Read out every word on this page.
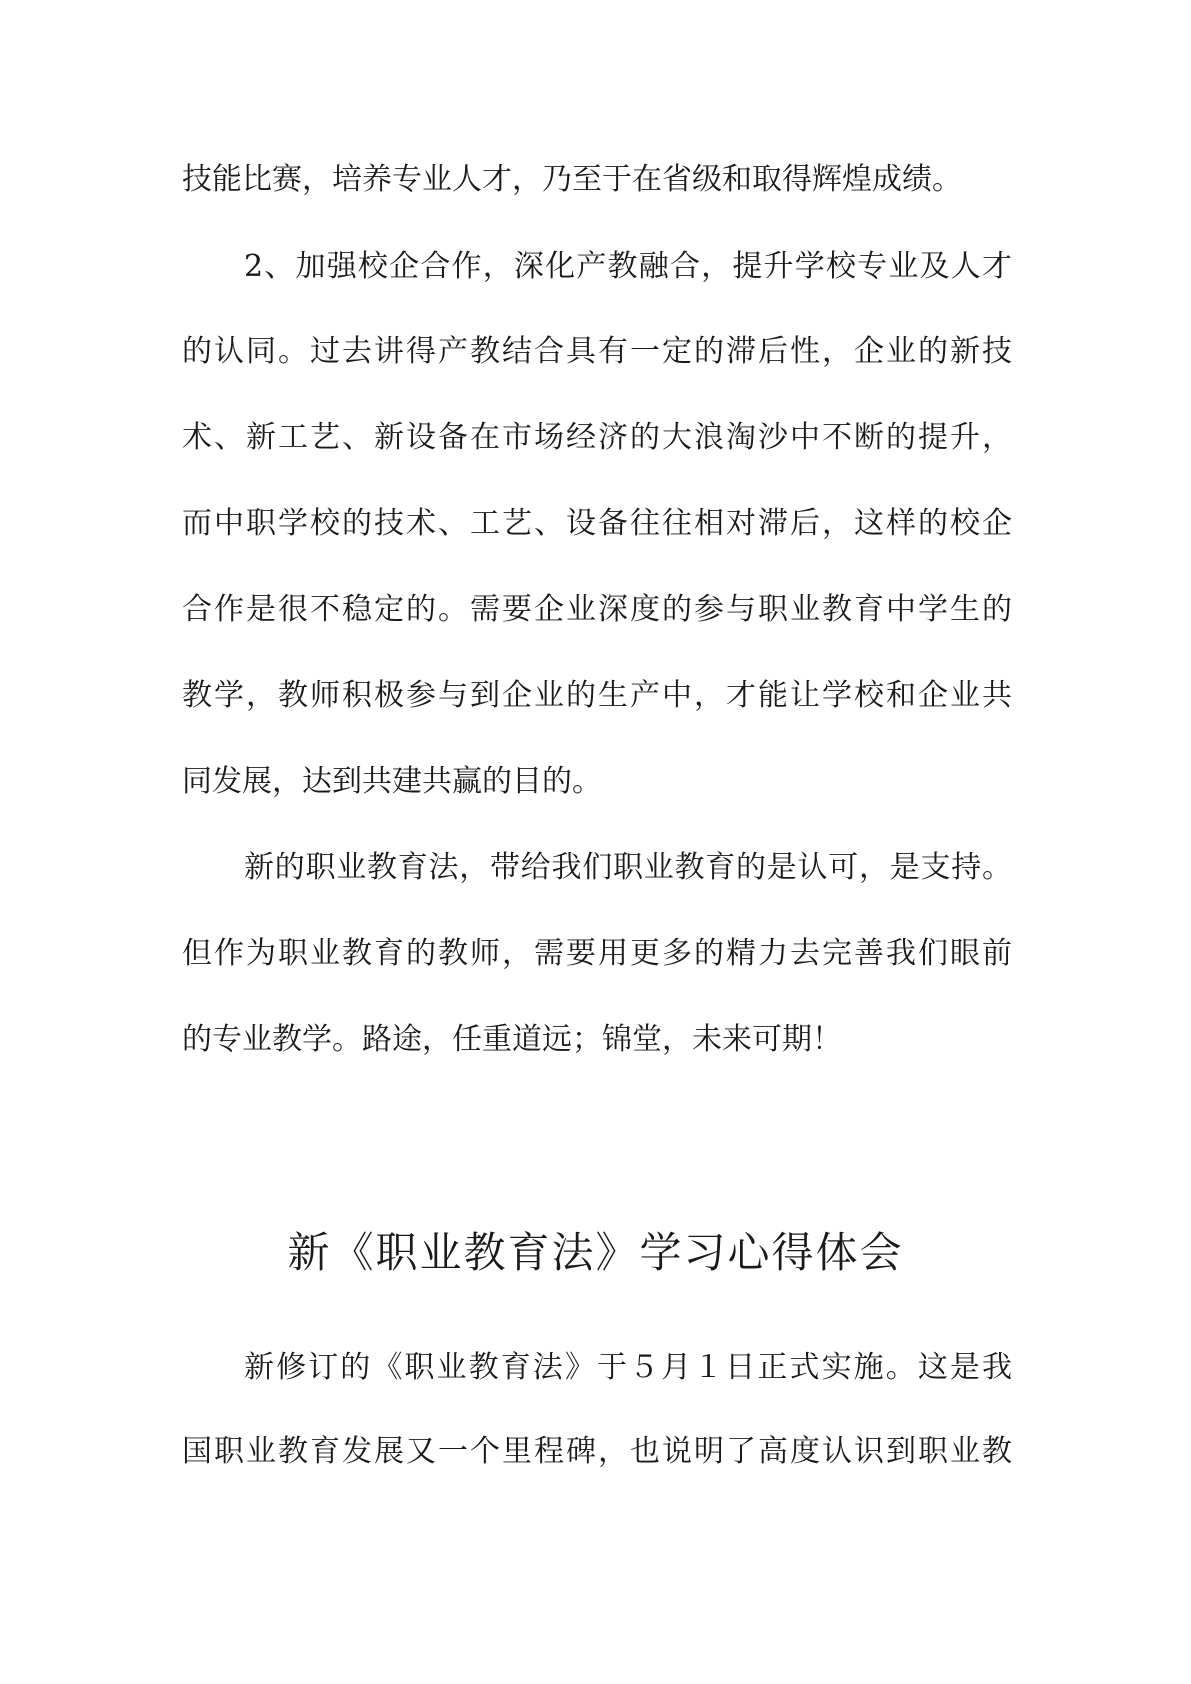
技能比赛，培养专业人才，乃至于在省级和取得辉煌成绩。
2、加强校企合作，深化产教融合，提升学校专业及人才
的认同。过去讲得产教结合具有一定的滞后性，企业的新技
术、新工艺、新设备在市场经济的大浪淘沙中不断的提升，
而中职学校的技术、工艺、设备往往相对滞后，这样的校企
合作是很不稳定的。需要企业深度的参与职业教育中学生的
教学，教师积极参与到企业的生产中，才能让学校和企业共
同发展，达到共建共赢的目的。
新的职业教育法，带给我们职业教育的是认可，是支持。
但作为职业教育的教师，需要用更多的精力去完善我们眼前
的专业教学。路途，任重道远；锦堂，未来可期！
新《职业教育法》学习心得体会
新修订的《职业教育法》于５月１日正式实施。这是我
国职业教育发展又一个里程碑，也说明了高度认识到职业教
